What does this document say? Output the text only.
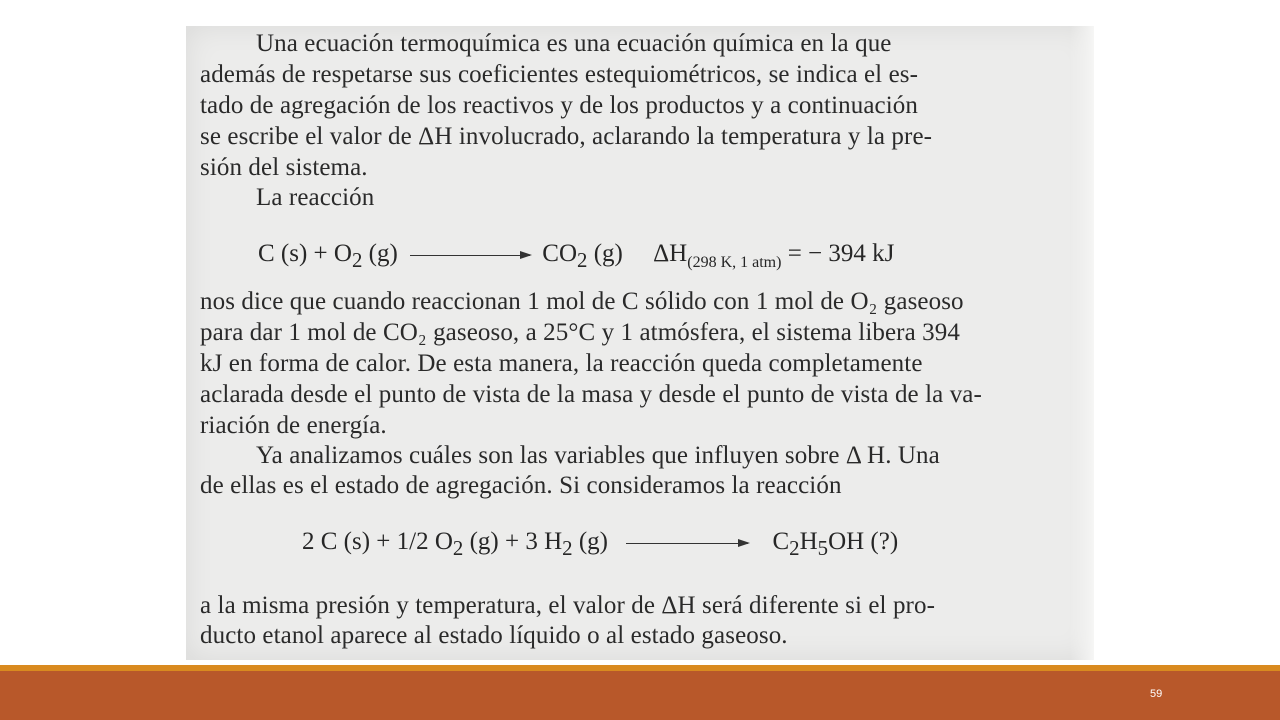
Una ecuación termoquímica es una ecuación química en la que
además de respetarse sus coeficientes estequiométricos, se indica el es-
tado de agregación de los reactivos y de los productos y a continuación
se escribe el valor de ΔH involucrado, aclarando la temperatura y la pre-
sión del sistema.
La reacción
C $(s) + O_2$ (g)	$CO_2$ (g) $\Delta H_{(298 K, 1 atm)}$ = − 394 kJ
nos dice que cuando reaccionan 1 mol de C sólido con 1 mol de O₂ gaseoso
para dar 1 mol de CO₂ gaseoso, a 25°C y 1 atmósfera, el sistema libera 394
kJ en forma de calor. De esta manera, la reacción queda completamente
aclarada desde el punto de vista de la masa y desde el punto de vista de la va-
riación de energía.
Ya analizamos cuáles son las variables que influyen sobre Δ H. Una
de ellas es el estado de agregación. Si consideramos la reacción
2 C (s) + 1/2 $O_2$ (g) + 3 $H_2$ (g)	$C_2H_5OH$ (?)
a la misma presión y temperatura, el valor de ΔH será diferente si el pro-
ducto etanol aparece al estado líquido o al estado gaseoso.
59
